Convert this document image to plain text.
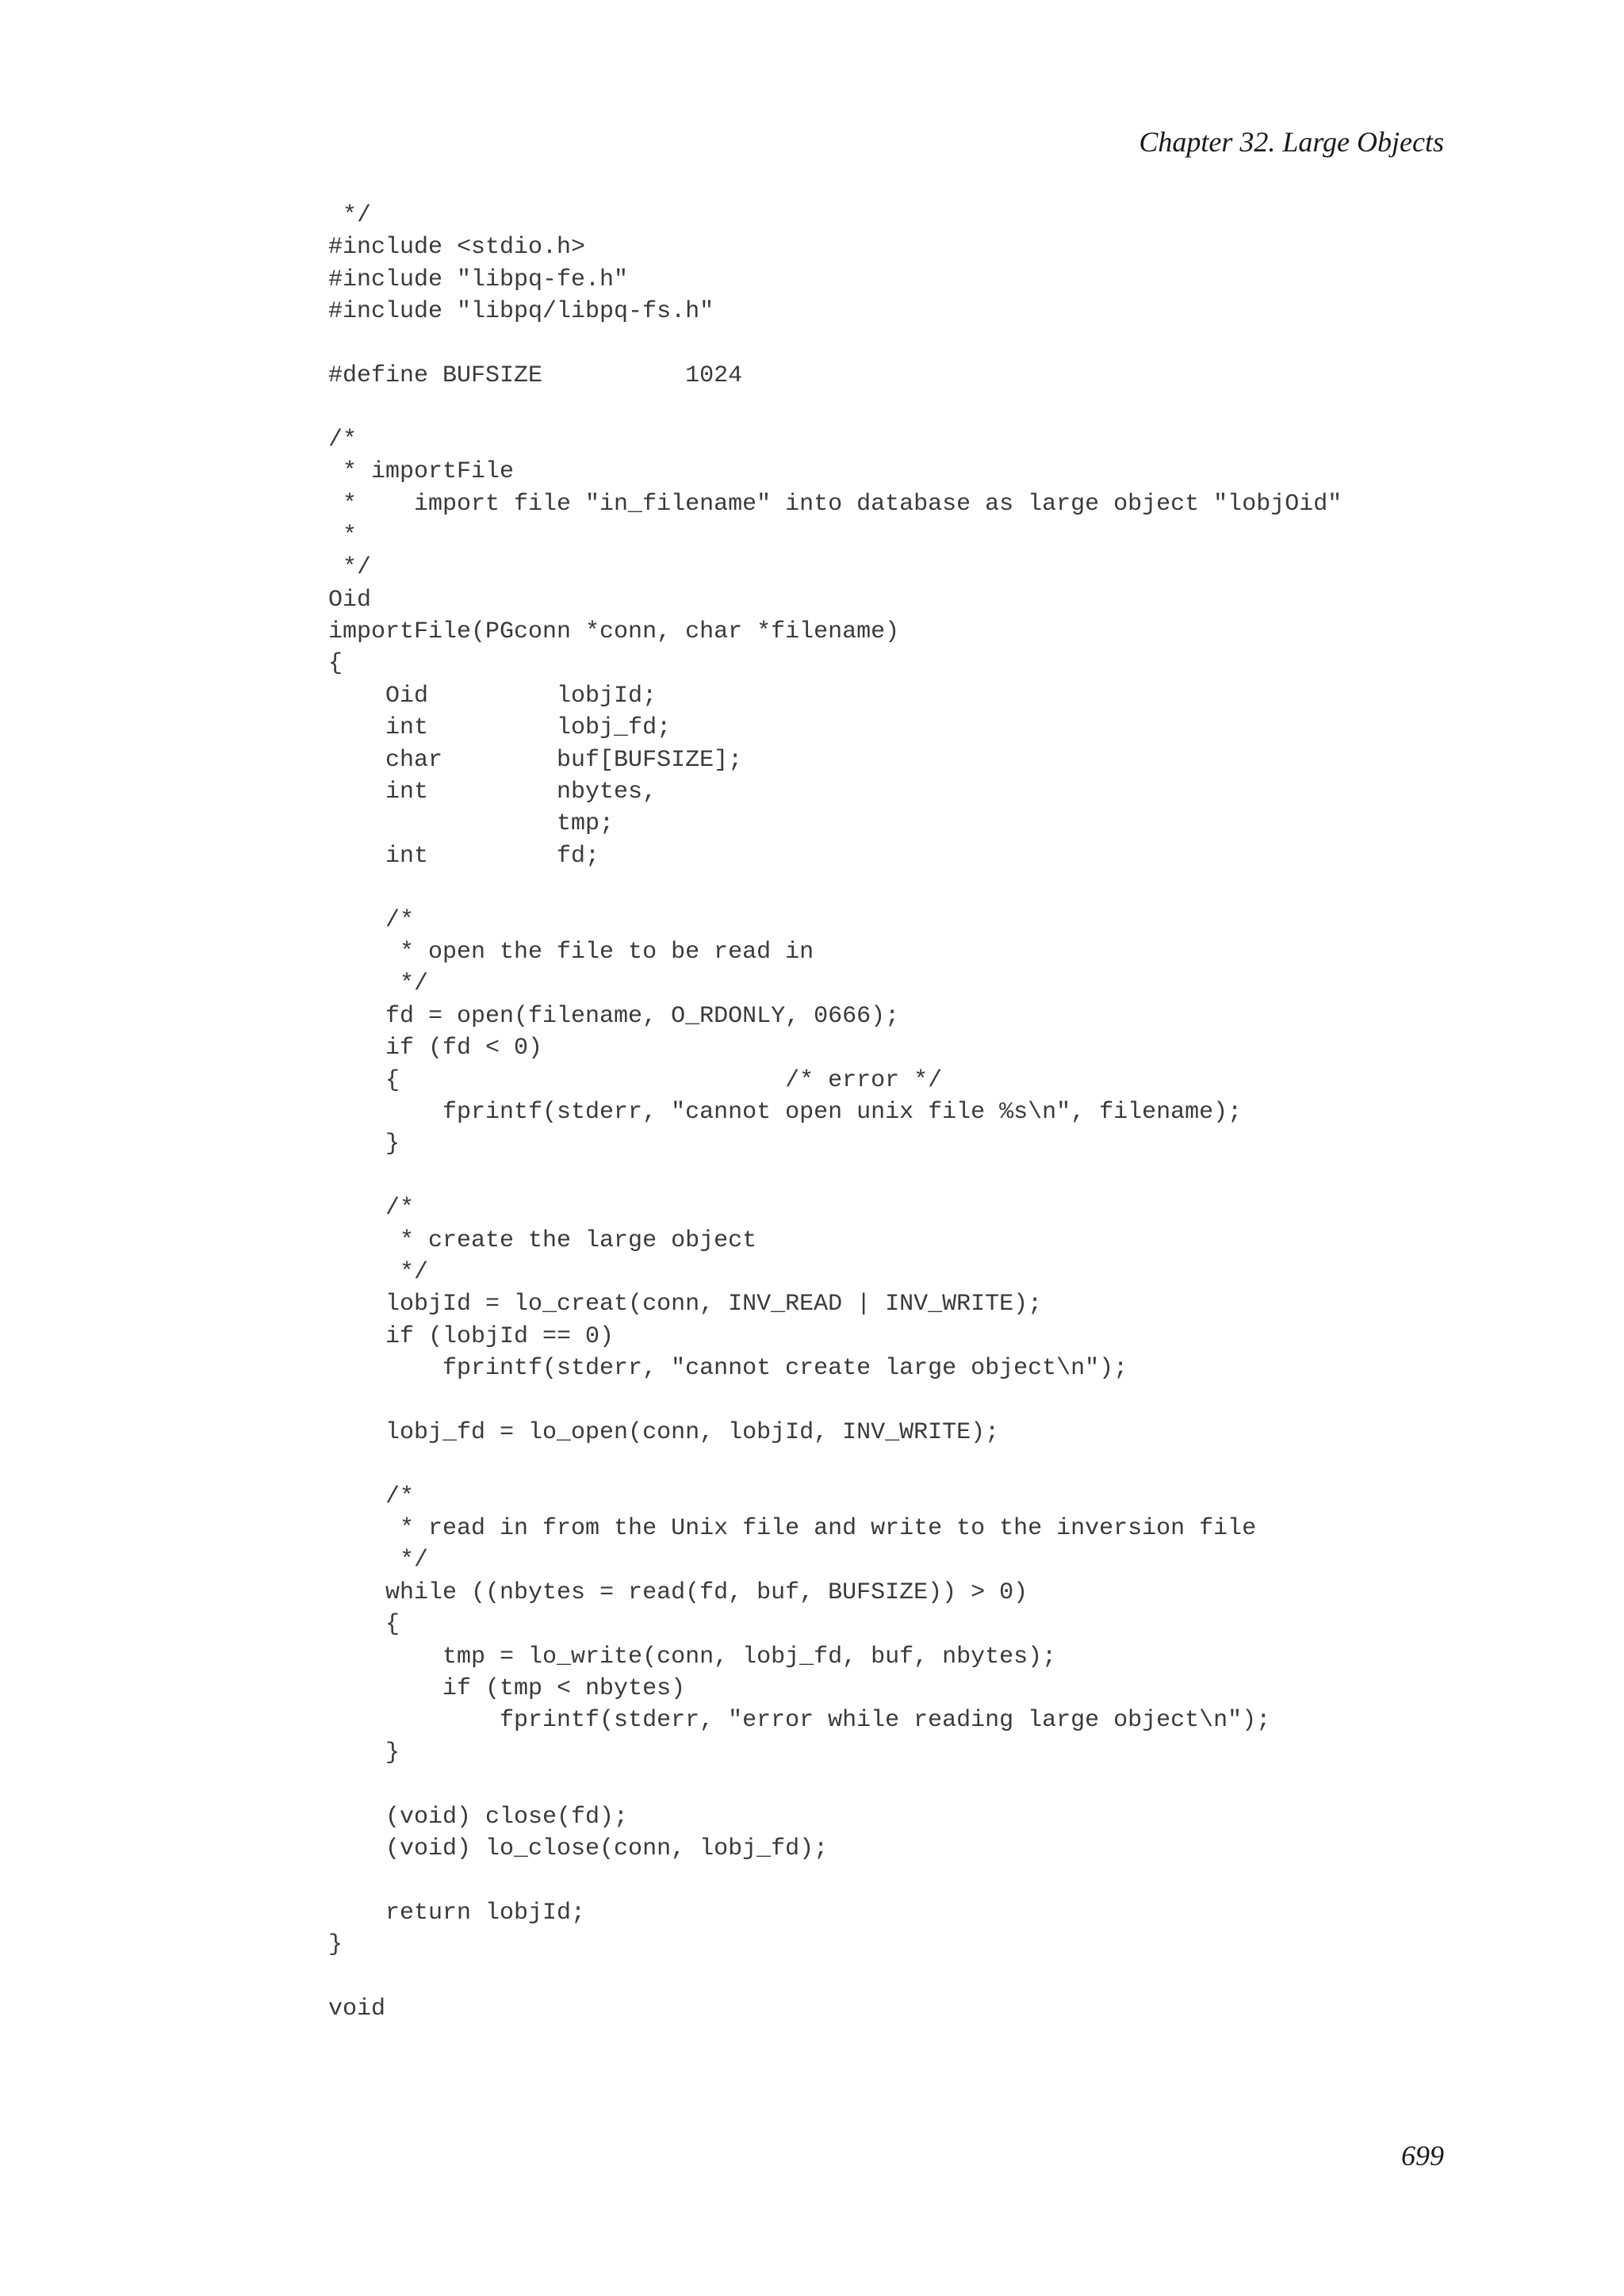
Chapter 32. Large Objects
*/
#include <stdio.h>
#include "libpq-fe.h"
#include "libpq/libpq-fs.h"
#define BUFSIZE          1024
/*
* importFile
*    import file "in_filename" into database as large object "lobjOid"
*
*/
Oid
importFile(PGconn *conn, char *filename)
{
Oid         lobjId;
int         lobj_fd;
char        buf[BUFSIZE];
int         nbytes,
tmp;
int         fd;
/*
* open the file to be read in
*/
fd = open(filename, O_RDONLY, 0666);
if (fd < 0)
{                           /* error */
fprintf(stderr, "cannot open unix file %s\n", filename);
}
/*
* create the large object
*/
lobjId = lo_creat(conn, INV_READ | INV_WRITE);
if (lobjId == 0)
fprintf(stderr, "cannot create large object\n");
lobj_fd = lo_open(conn, lobjId, INV_WRITE);
/*
* read in from the Unix file and write to the inversion file
*/
while ((nbytes = read(fd, buf, BUFSIZE)) > 0)
{
tmp = lo_write(conn, lobj_fd, buf, nbytes);
if (tmp < nbytes)
fprintf(stderr, "error while reading large object\n");
}
(void) close(fd);
(void) lo_close(conn, lobj_fd);
return lobjId;
}
void
699
